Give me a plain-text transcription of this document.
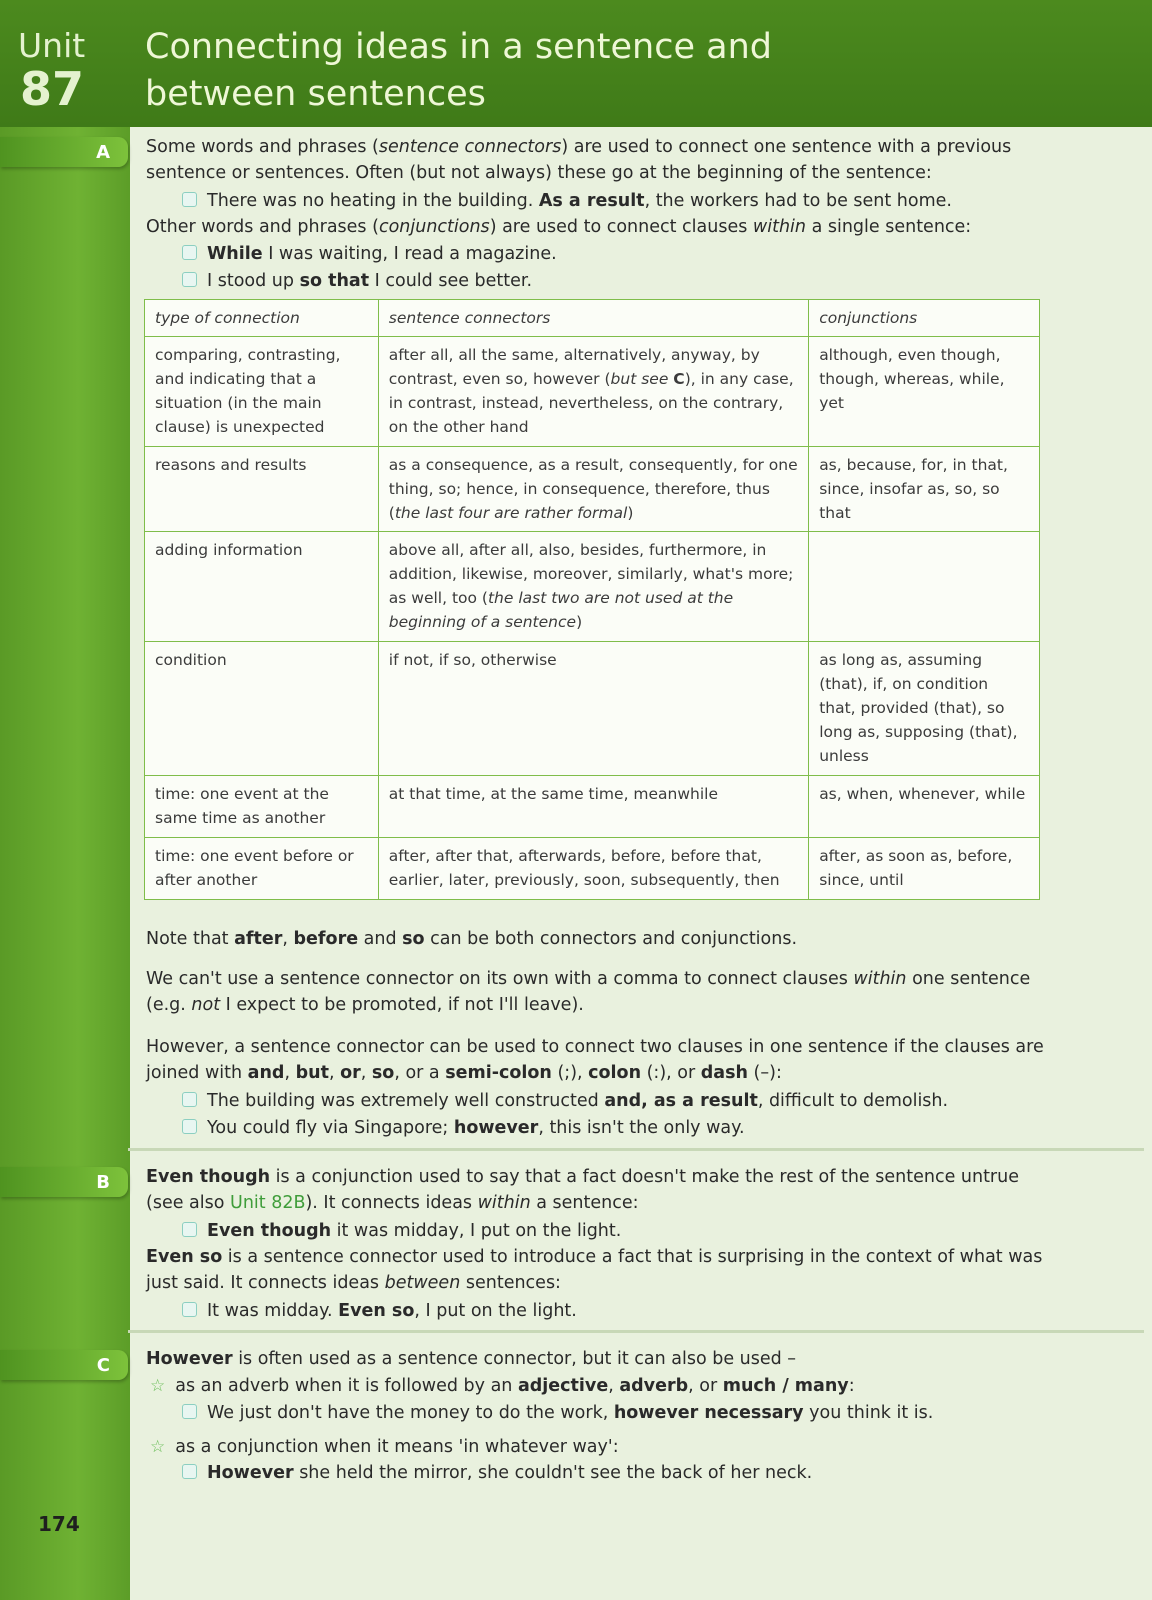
Unit
87
Connecting ideas in a sentence and between sentences
A Some words and phrases (sentence connectors) are used to connect one sentence with a previous sentence or sentences. Often (but not always) these go at the beginning of the sentence:
There was no heating in the building. As a result, the workers had to be sent home.
Other words and phrases (conjunctions) are used to connect clauses within a single sentence:
While I was waiting, I read a magazine.
I stood up so that I could see better.
type of connection	sentence connectors	conjunctions
comparing, contrasting, and indicating that a situation (in the main clause) is unexpected	after all, all the same, alternatively, anyway, by contrast, even so, however (but see C), in any case, in contrast, instead, nevertheless, on the contrary, on the other hand	although, even though, though, whereas, while, yet
reasons and results	as a consequence, as a result, consequently, for one thing, so; hence, in consequence, therefore, thus (the last four are rather formal)	as, because, for, in that, since, insofar as, so, so that
adding information	above all, after all, also, besides, furthermore, in addition, likewise, moreover, similarly, what's more; as well, too (the last two are not used at the beginning of a sentence)	
condition	if not, if so, otherwise	as long as, assuming (that), if, on condition that, provided (that), so long as, supposing (that), unless
time: one event at the same time as another	at that time, at the same time, meanwhile	as, when, whenever, while
time: one event before or after another	after, after that, afterwards, before, before that, earlier, later, previously, soon, subsequently, then	after, as soon as, before, since, until
Note that after, before and so can be both connectors and conjunctions.
We can't use a sentence connector on its own with a comma to connect clauses within one sentence (e.g. not I expect to be promoted, if not I'll leave).
However, a sentence connector can be used to connect two clauses in one sentence if the clauses are joined with and, but, or, so, or a semi-colon (;), colon (:), or dash (–):
The building was extremely well constructed and, as a result, difficult to demolish.
You could fly via Singapore; however, this isn't the only way.
B Even though is a conjunction used to say that a fact doesn't make the rest of the sentence untrue (see also Unit 82B). It connects ideas within a sentence:
Even though it was midday, I put on the light.
Even so is a sentence connector used to introduce a fact that is surprising in the context of what was just said. It connects ideas between sentences:
It was midday. Even so, I put on the light.
C However is often used as a sentence connector, but it can also be used –
☆ as an adverb when it is followed by an adjective, adverb, or much / many:
We just don't have the money to do the work, however necessary you think it is.
☆ as a conjunction when it means 'in whatever way':
However she held the mirror, she couldn't see the back of her neck.
174
